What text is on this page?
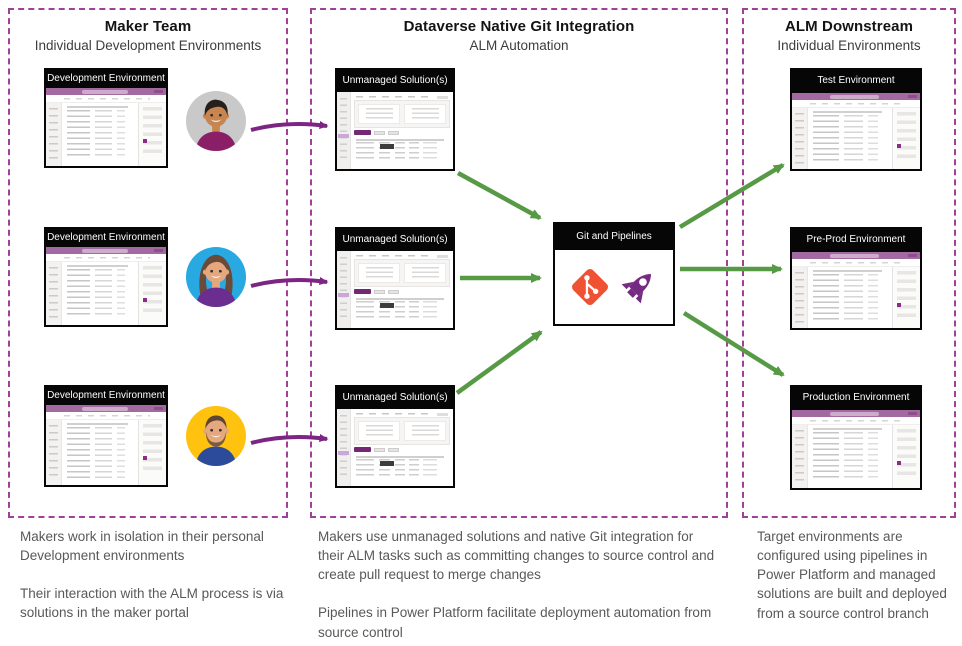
Maker Team
Individual Development Environments
Dataverse Native Git Integration
ALM Automation
ALM Downstream
Individual Environments
Development Environment
Development Environment
Development Environment
Unmanaged Solution(s)
Unmanaged Solution(s)
Unmanaged Solution(s)
Git and Pipelines
Test Environment
Pre-Prod Environment
Production Environment

Makers work in isolation in their personal Development environments

Their interaction with the ALM process is via solutions in the maker portal

Makers use unmanaged solutions and native Git integration for their ALM tasks such as committing changes to source control and create pull request to merge changes

Pipelines in Power Platform facilitate deployment automation from source control

Target environments are configured using pipelines in Power Platform and managed solutions are built and deployed from a source control branch
